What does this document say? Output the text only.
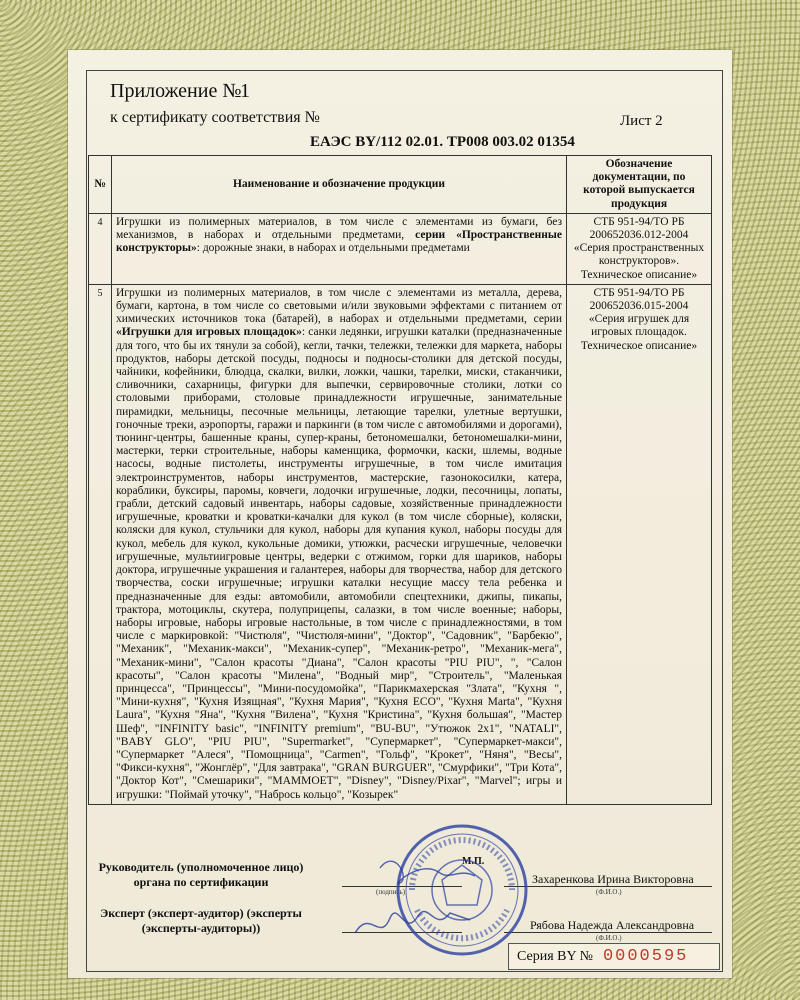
Приложение №
1
к сертификату соответствия №	Лист 2
ЕАЭС BY/112 02.01. ТР008 003.02 01354
№	Наименование и обозначение продукции	Обозначение документации, по которой выпускается продукция
4	Игрушки из полимерных материалов, в том числе с элементами из бумаги, без механизмов, в наборах и отдельными предметами, серии «Пространственные конструкторы»: дорожные знаки, в наборах и отдельными предметами	СТБ 951-94/ТО РБ 200652036.012-2004 «Серия пространственных конструкторов». Техническое описание»
5	Игрушки из полимерных материалов, в том числе с элементами из металла, дерева, бумаги, картона, в том числе со световыми и/или звуковыми эффектами с питанием от химических источников тока (батарей), в наборах и отдельными предметами, серии «Игрушки для игровых площадок»: санки ледянки, игрушки каталки (предназначенные для того, что бы их тянули за собой), кегли, тачки, тележки, тележки для маркета, наборы продуктов, наборы детской посуды, подносы и подносы-столики для детской посуды, чайники, кофейники, блюдца, скалки, вилки, ложки, чашки, тарелки, миски, стаканчики, сливочники, сахарницы, фигурки для выпечки, сервировочные столики, лотки со столовыми приборами, столовые принадлежности игрушечные, занимательные пирамидки, мельницы, песочные мельницы, летающие тарелки, улетные вертушки, гоночные треки, аэропорты, гаражи и паркинги (в том числе с автомобилями и дорогами), тюнинг-центры, башенные краны, супер-краны, бетономешалки, бетономешалки-мини, мастерки, терки строительные, наборы каменщика, формочки, каски, шлемы, водные насосы, водные пистолеты, инструменты игрушечные, в том числе имитация электроинструментов, наборы инструментов, мастерские, газонокосилки, катера, кораблики, буксиры, паромы, ковчеги, лодочки игрушечные, лодки, песочницы, лопаты, грабли, детский садовый инвентарь, наборы садовые, хозяйственные принадлежности игрушечные, кроватки и кроватки-качалки для кукол (в том числе сборные), коляски, коляски для кукол, стульчики для кукол, наборы для купания кукол, наборы посуды для кукол, мебель для кукол, кукольные домики, утюжки, расчески игрушечные, человечки игрушечные, мультиигровые центры, ведерки с отжимом, горки для шариков, наборы доктора, игрушечные украшения и галантерея, наборы для творчества, набор для детского творчества, соски игрушечные; игрушки каталки несущие массу тела ребенка и предназначенные для езды: автомобили, автомобили спецтехники, джипы, пикапы, трактора, мотоциклы, скутера, полуприцепы, салазки, в том числе военные; наборы, наборы игровые, наборы игровые настольные, в том числе с принадлежностями, в том числе с маркировкой: "Чистюля", "Чистюля-мини", "Доктор", "Садовник", "Барбекю", "Механик", "Механик-макси", "Механик-супер", "Механик-ретро", "Механик-мега", "Механик-мини", "Салон красоты "Диана", "Салон красоты "PIU PIU", ", "Салон красоты", "Салон красоты "Милена", "Водный мир", "Строитель", "Маленькая принцесса", "Принцессы", "Мини-посудомойка", "Парикмахерская "Злата", "Кухня ", "Мини-кухня", "Кухня Изящная", "Кухня Мария", "Кухня ECO", "Кухня Marta", "Кухня Laura", "Кухня "Яна", "Кухня "Вилена", "Кухня "Кристина", "Кухня большая", "Мастер Шеф", "INFINITY basic", "INFINITY premium", "BU-BU", "Утюжок 2х1", "NATALI", "BABY GLO", "PIU PIU", "Supermarket", "Супермаркет", "Супермаркет-макси", "Супермаркет "Алеся", "Помощница", "Carmen", "Гольф", "Крокет", "Няня", "Весы", "Фикси-кухня", "Жонглёр", "Для завтрака", "GRAN BURGUER", "Смурфики", "Три Кота", "Доктор Кот", "Смешарики", "MAMMOET", "Disney", "Disney/Pixar", "Marvel"; игры и игрушки: "Поймай уточку", "Наброcь кольцо", "Козырек"	СТБ 951-94/ТО РБ 200652036.015-2004 «Серия игрушек для игровых площадок. Техническое описание»
Руководитель (уполномоченное лицо) органа по сертификации
Эксперт (эксперт-аудитор) (эксперты (эксперты-аудиторы))
(подпись)	(Ф.И.О.)
(Ф.И.О.)
Захаренкова Ирина Викторовна
Рябова Надежда Александровна
М.П.
Серия BY № 0000595
